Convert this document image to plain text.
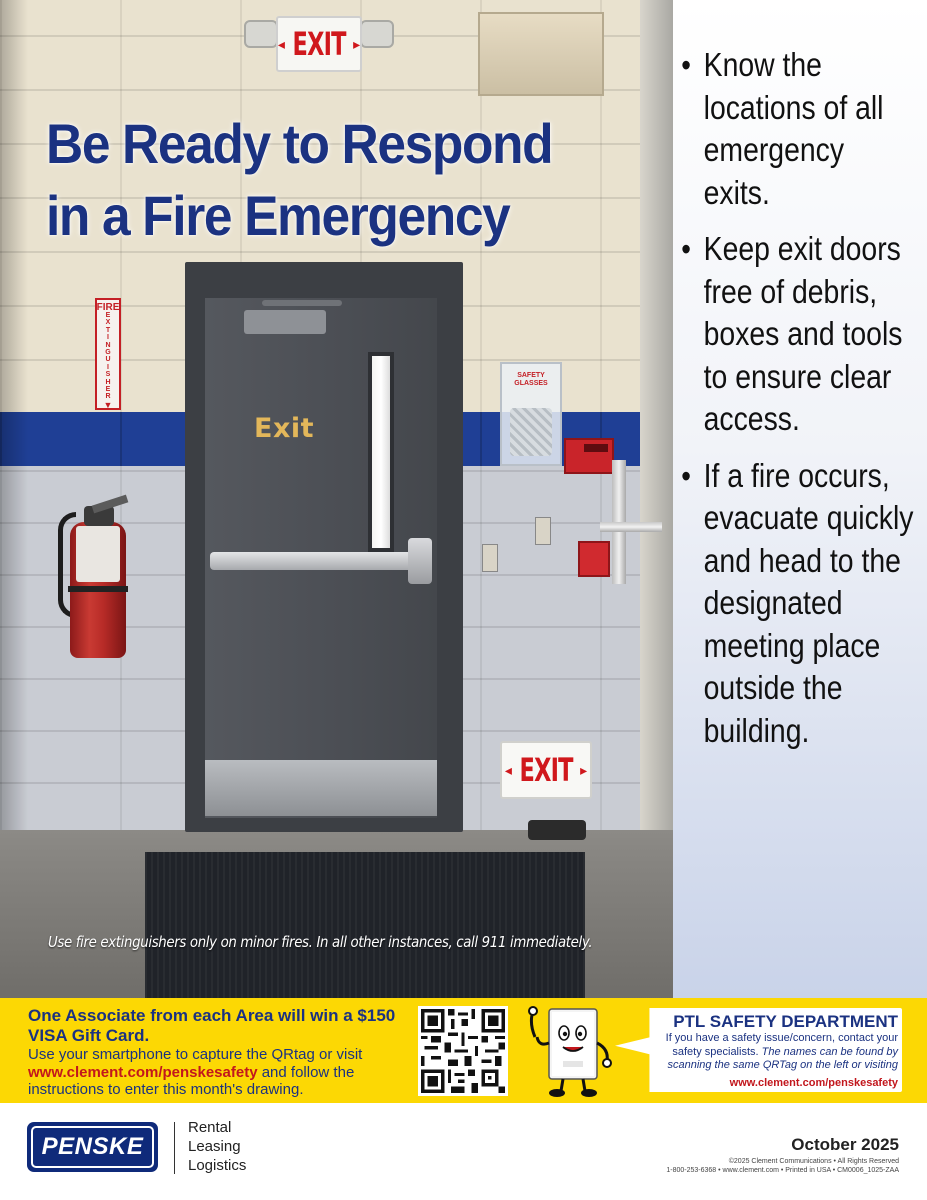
◂ EXIT ▸
Exit
FIRE
E
X
T
I
N
G
U
I
S
H
E
R
▼
SAFETY GLASSES
◂ EXIT ▸
Be Ready to Respond
in a Fire Emergency

Use fire extinguishers only on minor fires. In all other instances, call 911 immediately.

• Know the locations of all emergency exits.
• Keep exit doors free of debris, boxes and tools to ensure clear access.
• If a fire occurs, evacuate quickly and head to the designated meeting place outside the building.
One Associate from each Area will win a $150 VISA Gift Card.
Use your smartphone to capture the QRtag or visit www.clement.com/penskesafety and follow the instructions to enter this month's drawing.
PTL SAFETY DEPARTMENT
If you have a safety issue/concern, contact your safety specialists. The names can be found by scanning the same QRTag on the left or visiting
www.clement.com/penskesafety
PENSKE
Rental
Leasing
Logistics
October 2025
©2025 Clement Communications • All Rights Reserved
1-800-253-6368 • www.clement.com • Printed in USA • CM0006_1025-ZAA
